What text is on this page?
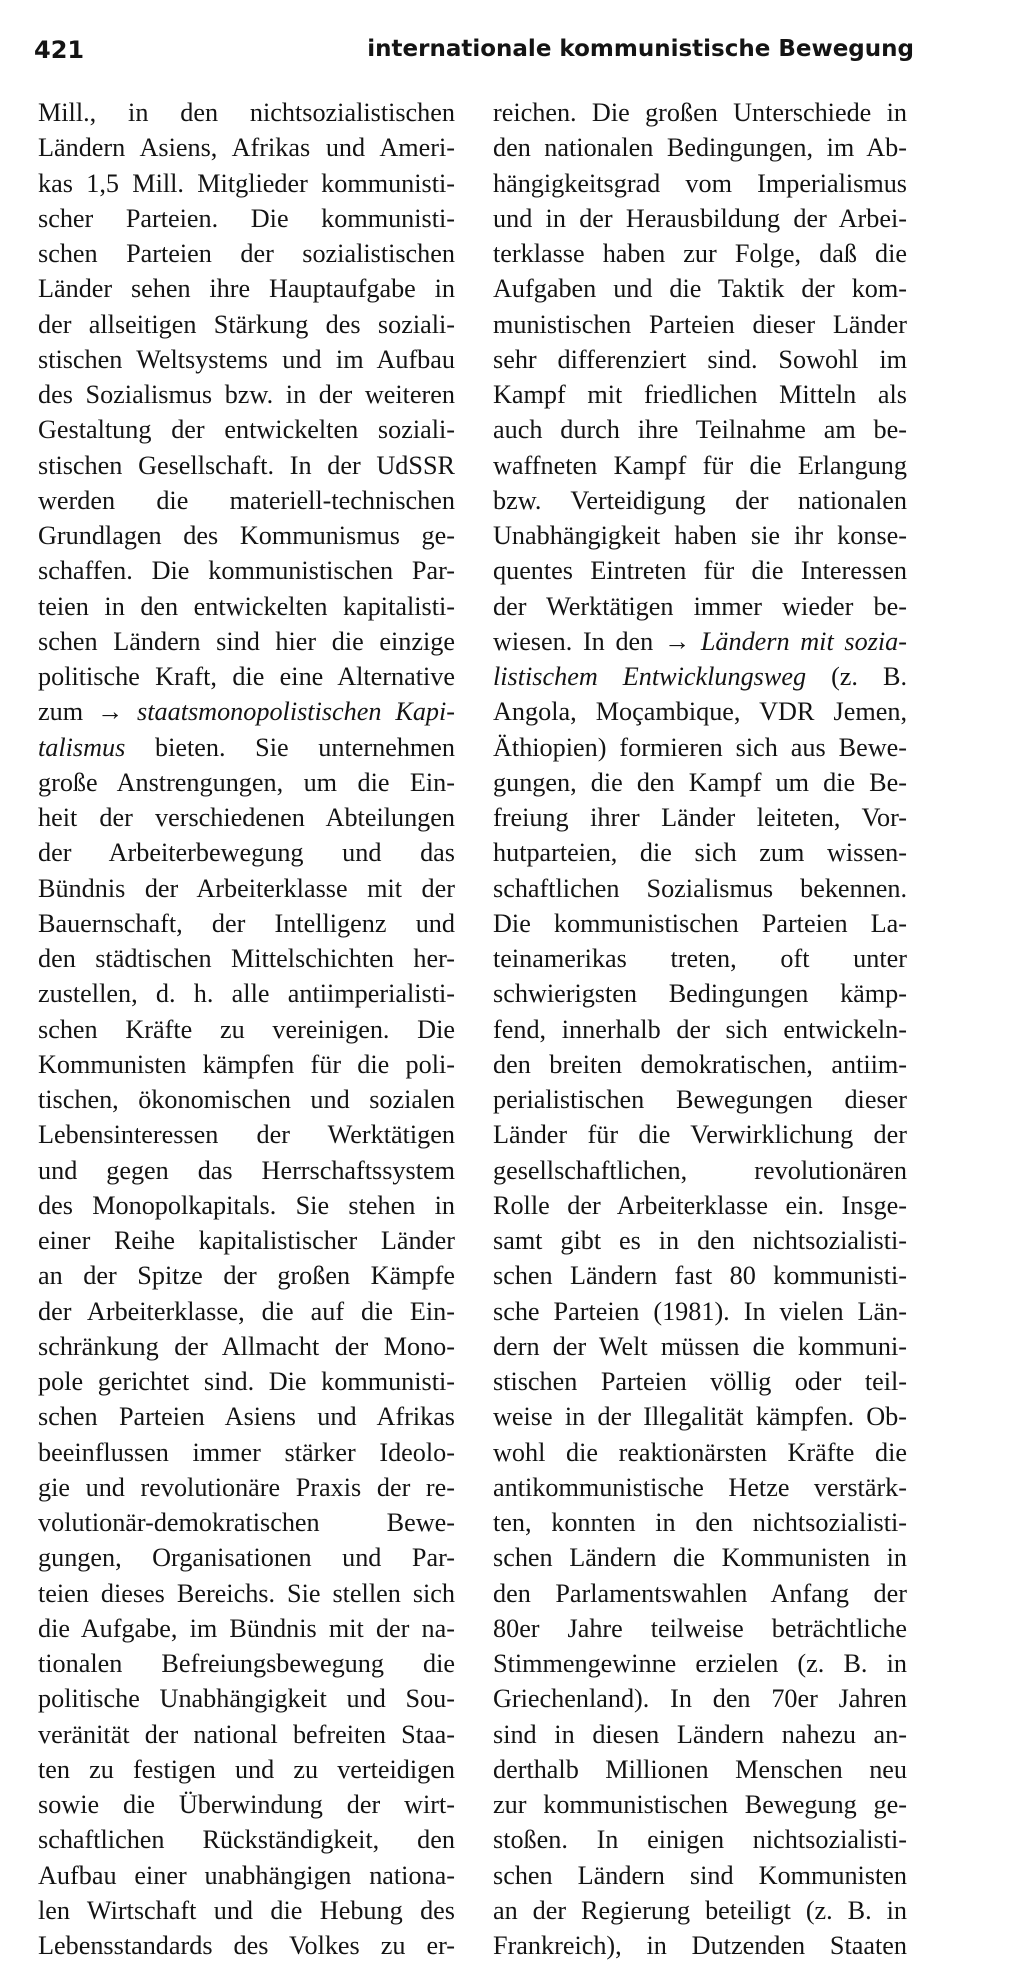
421	internationale kommunistische Bewegung
Mill., in den nichtsozialistischen
Ländern Asiens, Afrikas und Ameri-
kas 1,5 Mill. Mitglieder kommunisti-
scher Parteien. Die kommunisti-
schen Parteien der sozialistischen
Länder sehen ihre Hauptaufgabe in
der allseitigen Stärkung des soziali-
stischen Weltsystems und im Aufbau
des Sozialismus bzw. in der weiteren
Gestaltung der entwickelten soziali-
stischen Gesellschaft. In der UdSSR
werden die materiell-technischen
Grundlagen des Kommunismus ge-
schaffen. Die kommunistischen Par-
teien in den entwickelten kapitalisti-
schen Ländern sind hier die einzige
politische Kraft, die eine Alternative
zum → staatsmonopolistischen Kapi-
talismus bieten. Sie unternehmen
große Anstrengungen, um die Ein-
heit der verschiedenen Abteilungen
der Arbeiterbewegung und das
Bündnis der Arbeiterklasse mit der
Bauernschaft, der Intelligenz und
den städtischen Mittelschichten her-
zustellen, d. h. alle antiimperialisti-
schen Kräfte zu vereinigen. Die
Kommunisten kämpfen für die poli-
tischen, ökonomischen und sozialen
Lebensinteressen der Werktätigen
und gegen das Herrschaftssystem
des Monopolkapitals. Sie stehen in
einer Reihe kapitalistischer Länder
an der Spitze der großen Kämpfe
der Arbeiterklasse, die auf die Ein-
schränkung der Allmacht der Mono-
pole gerichtet sind. Die kommunisti-
schen Parteien Asiens und Afrikas
beeinflussen immer stärker Ideolo-
gie und revolutionäre Praxis der re-
volutionär-demokratischen Bewe-
gungen, Organisationen und Par-
teien dieses Bereichs. Sie stellen sich
die Aufgabe, im Bündnis mit der na-
tionalen Befreiungsbewegung die
politische Unabhängigkeit und Sou-
veränität der national befreiten Staa-
ten zu festigen und zu verteidigen
sowie die Überwindung der wirt-
schaftlichen Rückständigkeit, den
Aufbau einer unabhängigen nationa-
len Wirtschaft und die Hebung des
Lebensstandards des Volkes zu er-
reichen. Die großen Unterschiede in
den nationalen Bedingungen, im Ab-
hängigkeitsgrad vom Imperialismus
und in der Herausbildung der Arbei-
terklasse haben zur Folge, daß die
Aufgaben und die Taktik der kom-
munistischen Parteien dieser Länder
sehr differenziert sind. Sowohl im
Kampf mit friedlichen Mitteln als
auch durch ihre Teilnahme am be-
waffneten Kampf für die Erlangung
bzw. Verteidigung der nationalen
Unabhängigkeit haben sie ihr konse-
quentes Eintreten für die Interessen
der Werktätigen immer wieder be-
wiesen. In den → Ländern mit sozia-
listischem Entwicklungsweg (z. B.
Angola, Moçambique, VDR Jemen,
Äthiopien) formieren sich aus Bewe-
gungen, die den Kampf um die Be-
freiung ihrer Länder leiteten, Vor-
hutparteien, die sich zum wissen-
schaftlichen Sozialismus bekennen.
Die kommunistischen Parteien La-
teinamerikas treten, oft unter
schwierigsten Bedingungen kämp-
fend, innerhalb der sich entwickeln-
den breiten demokratischen, antiim-
perialistischen Bewegungen dieser
Länder für die Verwirklichung der
gesellschaftlichen, revolutionären
Rolle der Arbeiterklasse ein. Insge-
samt gibt es in den nichtsozialisti-
schen Ländern fast 80 kommunisti-
sche Parteien (1981). In vielen Län-
dern der Welt müssen die kommuni-
stischen Parteien völlig oder teil-
weise in der Illegalität kämpfen. Ob-
wohl die reaktionärsten Kräfte die
antikommunistische Hetze verstärk-
ten, konnten in den nichtsozialisti-
schen Ländern die Kommunisten in
den Parlamentswahlen Anfang der
80er Jahre teilweise beträchtliche
Stimmengewinne erzielen (z. B. in
Griechenland). In den 70er Jahren
sind in diesen Ländern nahezu an-
derthalb Millionen Menschen neu
zur kommunistischen Bewegung ge-
stoßen. In einigen nichtsozialisti-
schen Ländern sind Kommunisten
an der Regierung beteiligt (z. B. in
Frankreich), in Dutzenden Staaten
